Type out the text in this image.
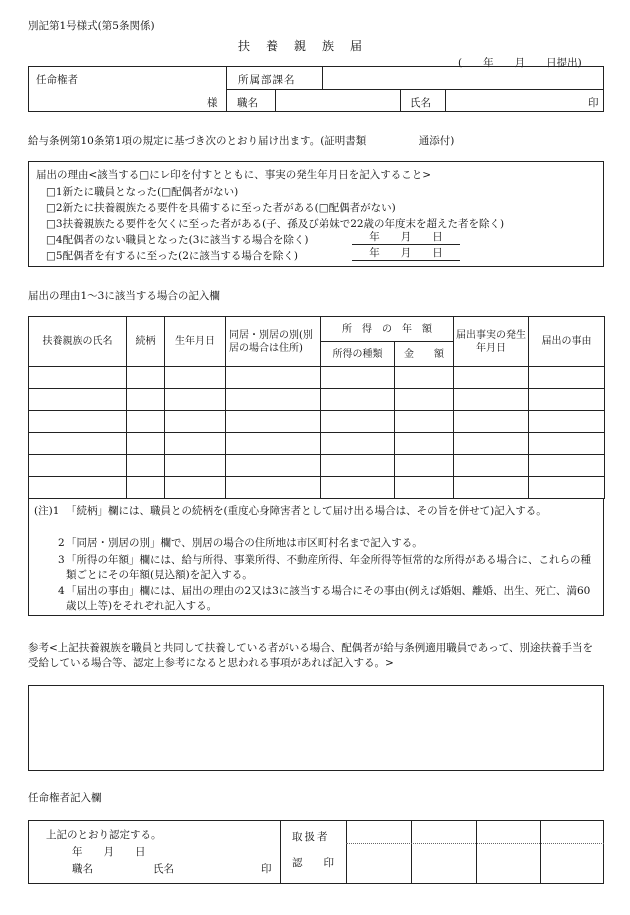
別記第1号様式(第5条関係)
扶　養　親　族　届
(　　年　　月　　日提出)
任命権者
様
所属部課名
職名	氏名	印
給与条例第10条第1項の規定に基づき次のとおり届け出ます。(証明書類　　　　　通添付)
届出の理由<該当する□にレ印を付すとともに、事実の発生年月日を記入すること>
□1新たに職員となった(□配偶者がない)
□2新たに扶養親族たる要件を具備するに至った者がある(□配偶者がない)
□3扶養親族たる要件を欠くに至った者がある(子、孫及び弟妹で22歳の年度末を超えた者を除く)
□4配偶者のない職員となった(3に該当する場合を除く)
□5配偶者を有するに至った(2に該当する場合を除く)
年　　月　　日
年　　月　　日
届出の理由1〜3に該当する場合の記入欄
扶養親族の氏名	続柄	生年月日	同居・別居の別(別居の場合は住所)	所　得　の　年　額		届出事実の発生年月日	届出の事由
				所得の種類	金　　額		

(注)1 「続柄」欄には、職員との続柄を(重度心身障害者として届け出る場合は、その旨を併せて)記入する。
2 「同居・別居の別」欄で、別居の場合の住所地は市区町村名まで記入する。
3 「所得の年額」欄には、給与所得、事業所得、不動産所得、年金所得等恒常的な所得がある場合に、これらの種類ごとにその年額(見込額)を記入する。
4 「届出の事由」欄には、届出の理由の2又は3に該当する場合にその事由(例えば婚姻、離婚、出生、死亡、満60歳以上等)をそれぞれ記入する。
参考<上記扶養親族を職員と共同して扶養している者がいる場合、配偶者が給与条例適用職員であって、別途扶養手当を受給している場合等、認定上参考になると思われる事項があれば記入する。>
任命権者記入欄
上記のとおり認定する。
年　　月　　日
職名	氏名	印
取扱者
認　　印
